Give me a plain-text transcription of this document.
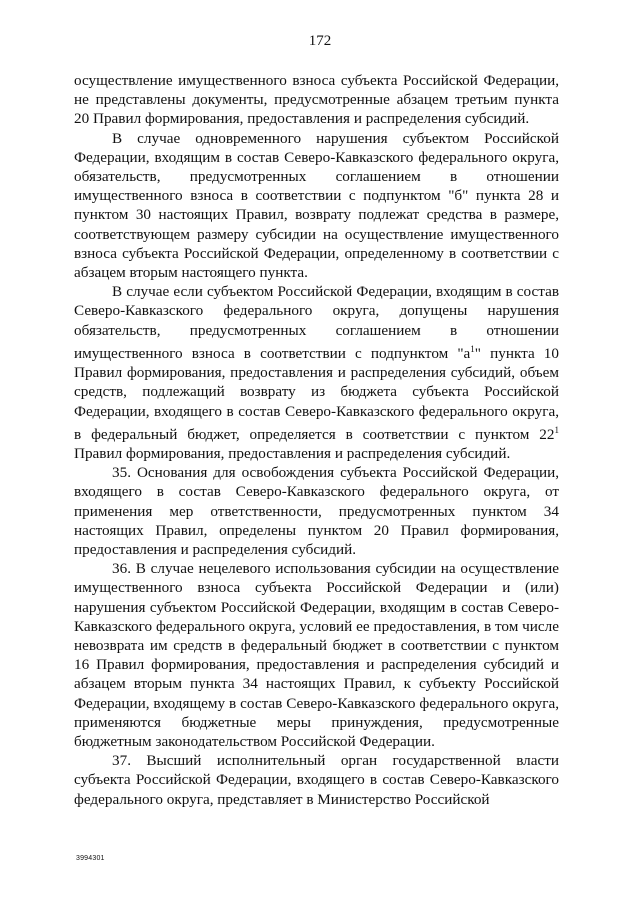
172

осуществление имущественного взноса субъекта Российской Федерации, не представлены документы, предусмотренные абзацем третьим пункта 20 Правил формирования, предоставления и распределения субсидий.

В случае одновременного нарушения субъектом Российской Федерации, входящим в состав Северо-Кавказского федерального округа, обязательств, предусмотренных соглашением в отношении имущественного взноса в соответствии с подпунктом "б" пункта 28 и пунктом 30 настоящих Правил, возврату подлежат средства в размере, соответствующем размеру субсидии на осуществление имущественного взноса субъекта Российской Федерации, определенному в соответствии с абзацем вторым настоящего пункта.

В случае если субъектом Российской Федерации, входящим в состав Северо-Кавказского федерального округа, допущены нарушения обязательств, предусмотренных соглашением в отношении имущественного взноса в соответствии с подпунктом "$а^1$" пункта 10 Правил формирования, предоставления и распределения субсидий, объем средств, подлежащий возврату из бюджета субъекта Российской Федерации, входящего в состав Северо-Кавказского федерального округа, в федеральный бюджет, определяется в соответствии с пунктом $22^1$ Правил формирования, предоставления и распределения субсидий.

35. Основания для освобождения субъекта Российской Федерации, входящего в состав Северо-Кавказского федерального округа, от применения мер ответственности, предусмотренных пунктом 34 настоящих Правил, определены пунктом 20 Правил формирования, предоставления и распределения субсидий.

36. В случае нецелевого использования субсидии на осуществление имущественного взноса субъекта Российской Федерации и (или) нарушения субъектом Российской Федерации, входящим в состав Северо-Кавказского федерального округа, условий ее предоставления, в том числе невозврата им средств в федеральный бюджет в соответствии с пунктом 16 Правил формирования, предоставления и распределения субсидий и абзацем вторым пункта 34 настоящих Правил, к субъекту Российской Федерации, входящему в состав Северо-Кавказского федерального округа, применяются бюджетные меры принуждения, предусмотренные бюджетным законодательством Российской Федерации.

37. Высший исполнительный орган государственной власти субъекта Российской Федерации, входящего в состав Северо-Кавказского федерального округа, представляет в Министерство Российской

3994301
